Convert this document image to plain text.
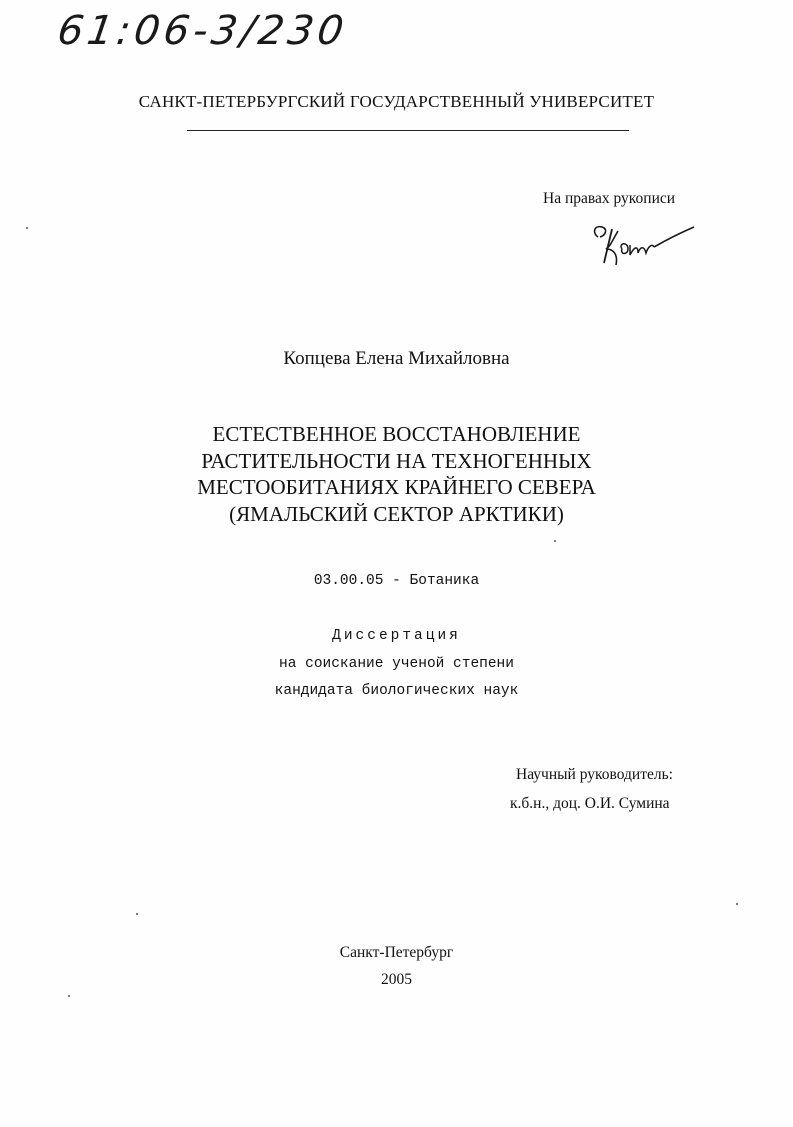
61:06-3/230
САНКТ-ПЕТЕРБУРГСКИЙ ГОСУДАРСТВЕННЫЙ УНИВЕРСИТЕТ
На правах рукописи
Копцева Елена Михайловна
ЕСТЕСТВЕННОЕ ВОССТАНОВЛЕНИЕ
РАСТИТЕЛЬНОСТИ НА ТЕХНОГЕННЫХ
МЕСТООБИТАНИЯХ КРАЙНЕГО СЕВЕРА
(ЯМАЛЬСКИЙ СЕКТОР АРКТИКИ)
03.00.05 - Ботаника
Диссертация
на соискание ученой степени
кандидата биологических наук
Научный руководитель:
к.б.н., доц. О.И. Сумина
Санкт-Петербург
2005
